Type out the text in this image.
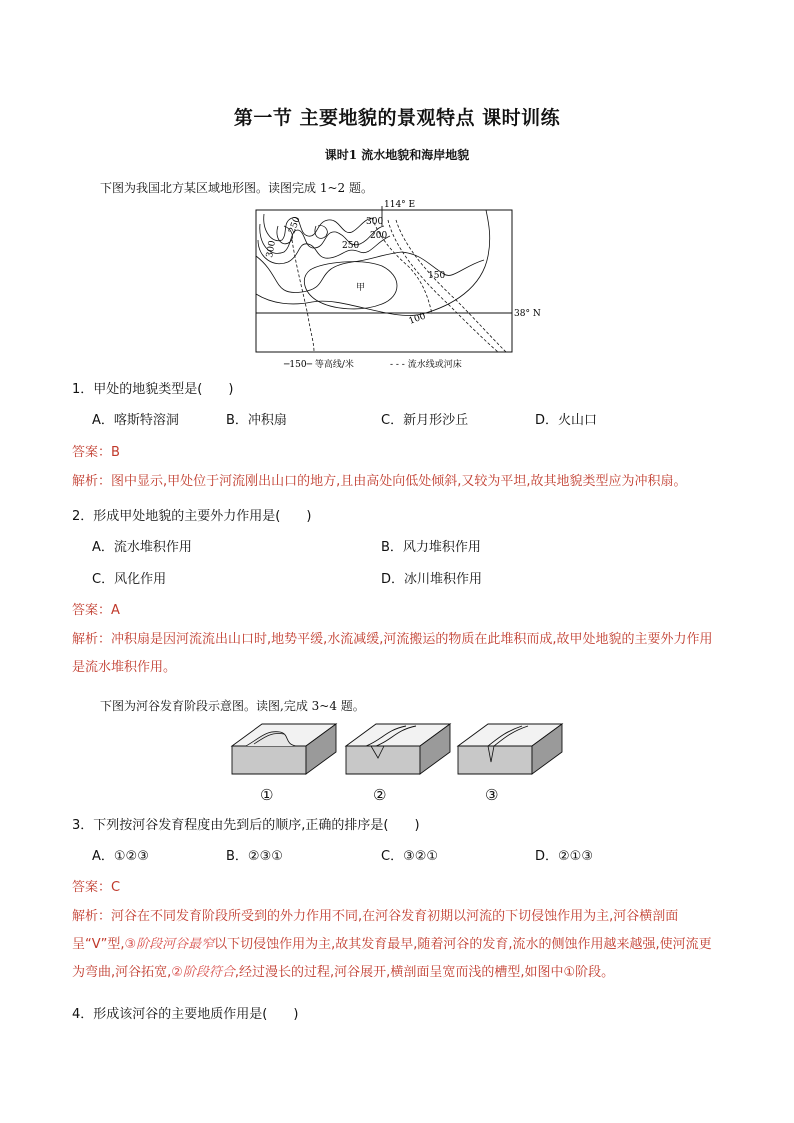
第一节 主要地貌的景观特点 课时训练
课时1 流水地貌和海岸地貌
下图为我国北方某区域地形图。读图完成 1~2 题。
114° E
38° N
甲
300
200
250
250
300
150
100
─150─ 等高线/米	- - - 流水线或河床
1．甲处的地貌类型是(　　)
A．喀斯特溶洞	B．冲积扇	C．新月形沙丘	D．火山口
答案：B
解析：图中显示,甲处位于河流刚出山口的地方,且由高处向低处倾斜,又较为平坦,故其地貌类型应为冲积扇。
2．形成甲处地貌的主要外力作用是(　　)
A．流水堆积作用	B．风力堆积作用
C．风化作用	D．冰川堆积作用
答案：A
解析：冲积扇是因河流流出山口时,地势平缓,水流减缓,河流搬运的物质在此堆积而成,故甲处地貌的主要外力作用是流水堆积作用。
下图为河谷发育阶段示意图。读图,完成 3~4 题。
①	②	③
3．下列按河谷发育程度由先到后的顺序,正确的排序是(　　)
A．①②③	B．②③①	C．③②①	D．②①③
答案：C
解析：河谷在不同发育阶段所受到的外力作用不同,在河谷发育初期以河流的下切侵蚀作用为主,河谷横剖面呈“V”型,③阶段河谷最窄以下切侵蚀作用为主,故其发育最早,随着河谷的发育,流水的侧蚀作用越来越强,使河流更为弯曲,河谷拓宽,②阶段符合,经过漫长的过程,河谷展开,横剖面呈宽而浅的槽型,如图中①阶段。
4．形成该河谷的主要地质作用是(　　)
